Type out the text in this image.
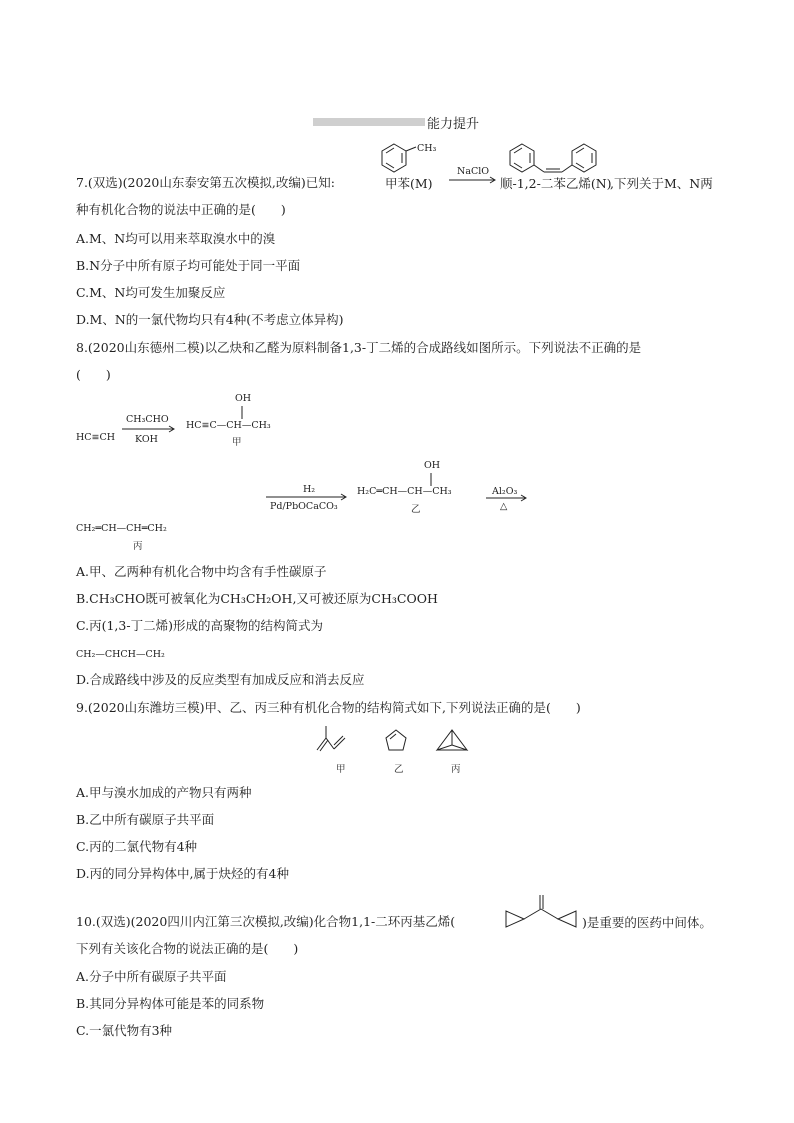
能力提升
7.(双选)(2020山东泰安第五次模拟,改编)已知:
CH₃
甲苯(M)
NaClO
顺-1,2-二苯乙烯(N)
,下列关于M、N两
种有机化合物的说法中正确的是(　　)
A.M、N均可以用来萃取溴水中的溴
B.N分子中所有原子均可能处于同一平面
C.M、N均可发生加聚反应
D.M、N的一氯代物均只有4种(不考虑立体异构)
8.(2020山东德州二模)以乙炔和乙醛为原料制备1,3-丁二烯的合成路线如图所示。下列说法不正确的是
(　　)
HC≡CH
CH₃CHO
KOH
OH
HC≡C—CH—CH₃
甲
H₂
Pd/PbOCaCO₃
OH
H₂C═CH—CH—CH₃
乙
Al₂O₃
△
CH₂═CH—CH═CH₂
丙
A.甲、乙两种有机化合物中均含有手性碳原子
B.CH₃CHO既可被氧化为CH₃CH₂OH,又可被还原为CH₃COOH
C.丙(1,3-丁二烯)形成的高聚物的结构简式为
CH₂—CHCH—CH₂
D.合成路线中涉及的反应类型有加成反应和消去反应
9.(2020山东潍坊三模)甲、乙、丙三种有机化合物的结构简式如下,下列说法正确的是(　　)
甲	乙	丙
A.甲与溴水加成的产物只有两种
B.乙中所有碳原子共平面
C.丙的二氯代物有4种
D.丙的同分异构体中,属于炔烃的有4种
10.(双选)(2020四川内江第三次模拟,改编)化合物1,1-二环丙基乙烯(	)是重要的医药中间体。
下列有关该化合物的说法正确的是(　　)
A.分子中所有碳原子共平面
B.其同分异构体可能是苯的同系物
C.一氯代物有3种
